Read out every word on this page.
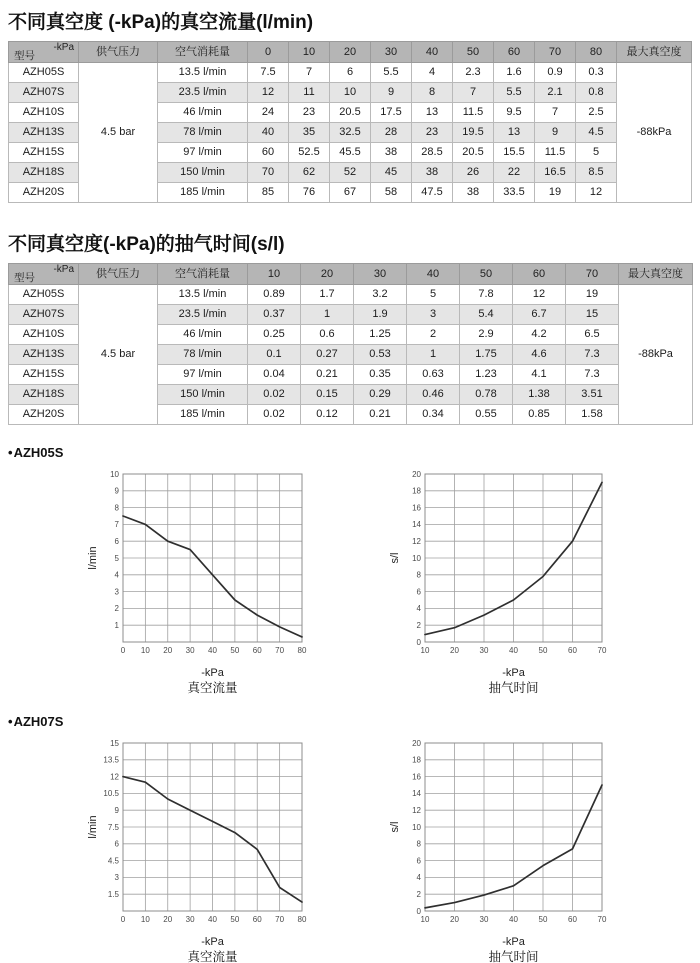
不同真空度 (-kPa)的真空流量(l/min)
-kPa
型号	供气压力	空气消耗量	0	10	20	30	40	50	60	70	80	最大真空度
AZH05S	4.5 bar	13.5 l/min	7.5	7	6	5.5	4	2.3	1.6	0.9	0.3	-88kPa
AZH07S		23.5 l/min	12	11	10	9	8	7	5.5	2.1	0.8	
AZH10S		46 l/min	24	23	20.5	17.5	13	11.5	9.5	7	2.5	
AZH13S		78 l/min	40	35	32.5	28	23	19.5	13	9	4.5	
AZH15S		97 l/min	60	52.5	45.5	38	28.5	20.5	15.5	11.5	5	
AZH18S		150 l/min	70	62	52	45	38	26	22	16.5	8.5	
AZH20S		185 l/min	85	76	67	58	47.5	38	33.5	19	12	
不同真空度(-kPa)的抽气时间(s/l)
-kPa
型号	供气压力	空气消耗量	10	20	30	40	50	60	70	最大真空度
AZH05S	4.5 bar	13.5 l/min	0.89	1.7	3.2	5	7.8	12	19	-88kPa
AZH07S		23.5 l/min	0.37	1	1.9	3	5.4	6.7	15	
AZH10S		46 l/min	0.25	0.6	1.25	2	2.9	4.2	6.5	
AZH13S		78 l/min	0.1	0.27	0.53	1	1.75	4.6	7.3	
AZH15S		97 l/min	0.04	0.21	0.35	0.63	1.23	4.1	7.3	
AZH18S		150 l/min	0.02	0.15	0.29	0.46	0.78	1.38	3.51	
AZH20S		185 l/min	0.02	0.12	0.21	0.34	0.55	0.85	1.58	
•AZH05S
0 10 20 30 40 50 60 70 80
1
2
3
4
5
6
7
8
9
10
l/min
-kPa
真空流量
10	20	30	40	50	60	70
0
2
4
6
8
10
12
14
16
18
20
s/l
-kPa
抽气时间
•AZH07S
0 10 20 30 40 50 60 70 80
1.5
3
4.5
6
7.5
9
10.5
12
13.5
15
l/min
-kPa
真空流量
10	20	30	40	50	60	70
0
2
4
6
8
10
12
14
16
18
20
s/l
-kPa
抽气时间
